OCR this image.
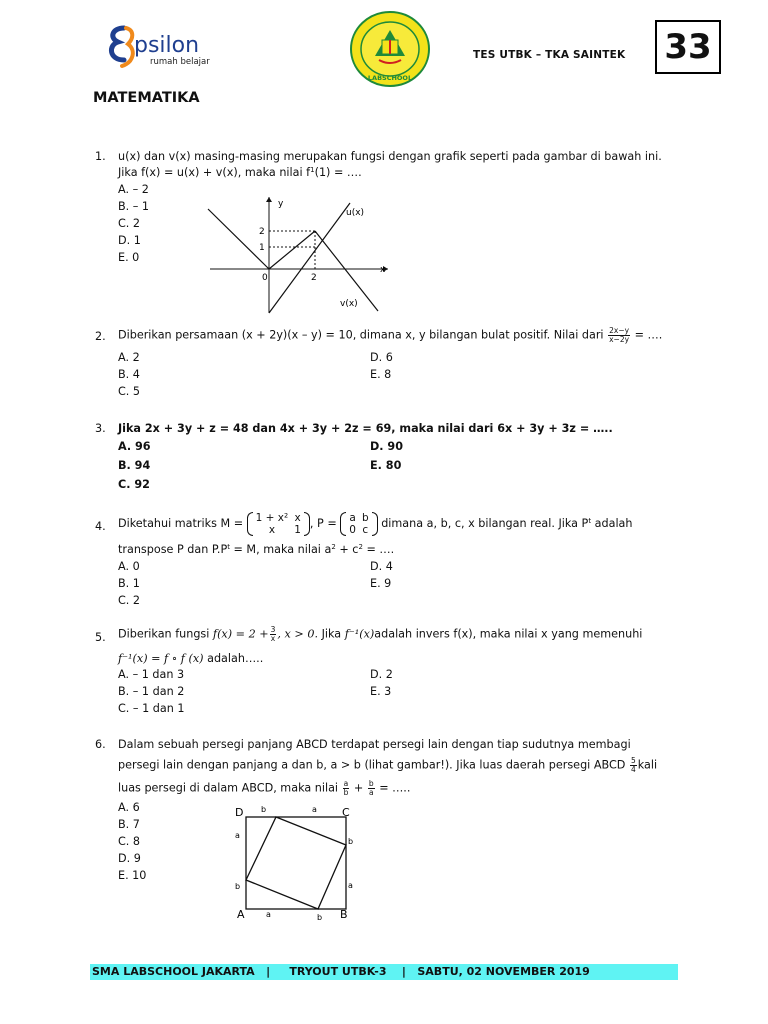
psilon
rumah belajar
LABSCHOOL
TES UTBK – TKA SAINTEK 33
MATEMATIKA
1. u(x) dan v(x) masing-masing merupakan fungsi dengan grafik seperti pada gambar di bawah ini.
Jika f(x) = u(x) + v(x), maka nilai $f^1(1)$ = ….
A. – 2
B. – 1
C. 2
D. 1
E. 0
y
x
u(x)
v(x)
2
1
0	2
2. Diberikan persamaan (x + 2y)(x – y) = 10, dimana x, y bilangan bulat positif. Nilai dari $\frac{2x-y}{x-2y}$ = ….
A. 2
B. 4
C. 5
D. 6
E. 8
3. Jika 2x + 3y + z = 48 dan 4x + 3y + 2z = 69, maka nilai dari 6x + 3y + 3z = …..
A. 96
B. 94
C. 92
D. 90
E. 80
4. Diketahui matriks M = 1 + x²	x
x	1 , P = a	b
0	c dimana a, b, c, x bilangan real. Jika $P^t$ adalah
transpose P dan $P.P^t = M$, maka nilai $a^2 + c^2$ = ….
A. 0
B. 1
C. 2
D. 4
E. 9
5. Diberikan fungsi $f(x) = 2 + \frac{3}{x}$ , x > 0. Jika f⁻¹(x)adalah invers f(x), maka nilai x yang memenuhi
f⁻¹(x) = f ∘ f (x) adalah…..
A. – 1 dan 3
B. – 1 dan 2
C. – 1 dan 1
D. 2
E. 3
6. Dalam sebuah persegi panjang ABCD terdapat persegi lain dengan tiap sudutnya membagi
persegi lain dengan panjang a dan b, a > b (lihat gambar!). Jika luas daerah persegi ABCD $\frac{5}{4}$ kali
luas persegi di dalam ABCD, maka nilai $\frac{a}{b} + \frac{b}{a}$ = …..
A. 6
B. 7
C. 8
D. 9
E. 10
D	C
A	B
b	a
b
a
a	b
a
b
SMA LABSCHOOL JAKARTA | TRYOUT UTBK-3 | SABTU, 02 NOVEMBER 2019
